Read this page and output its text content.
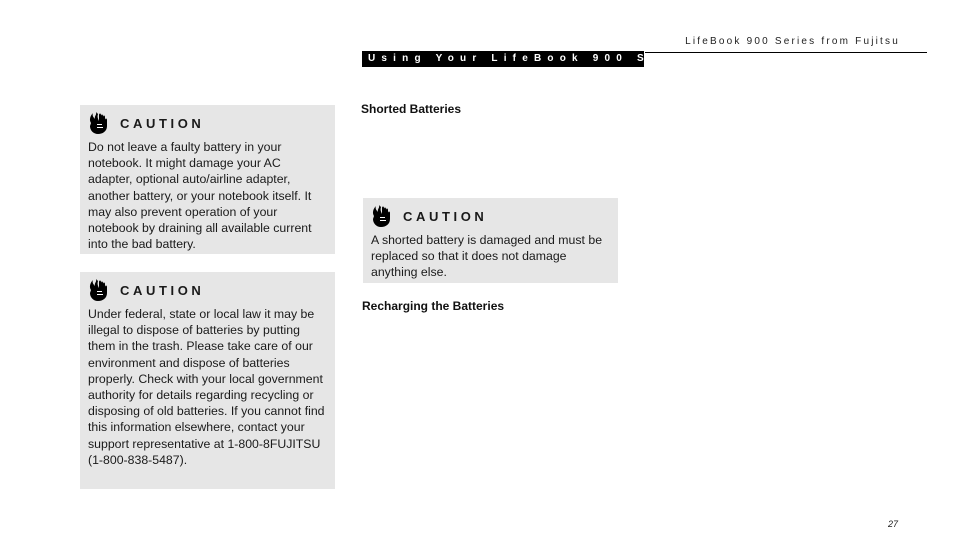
LifeBook 900 Series from Fujitsu
Using Your LifeBook 900 Series
CAUTION

Do not leave a faulty battery in your notebook. It might damage your AC adapter, optional auto/airline adapter, another battery, or your notebook itself. It may also prevent operation of your notebook by draining all available current into the bad battery.

CAUTION

Under federal, state or local law it may be illegal to dispose of batteries by putting them in the trash. Please take care of our environment and dispose of batteries properly. Check with your local government authority for details regarding recycling or disposing of old batteries. If you cannot find this information elsewhere, contact your support representative at 1-800-8FUJITSU (1-800-838-5487).

Shorted Batteries
CAUTION

A shorted battery is damaged and must be replaced so that it does not damage anything else.

Recharging the Batteries
27
